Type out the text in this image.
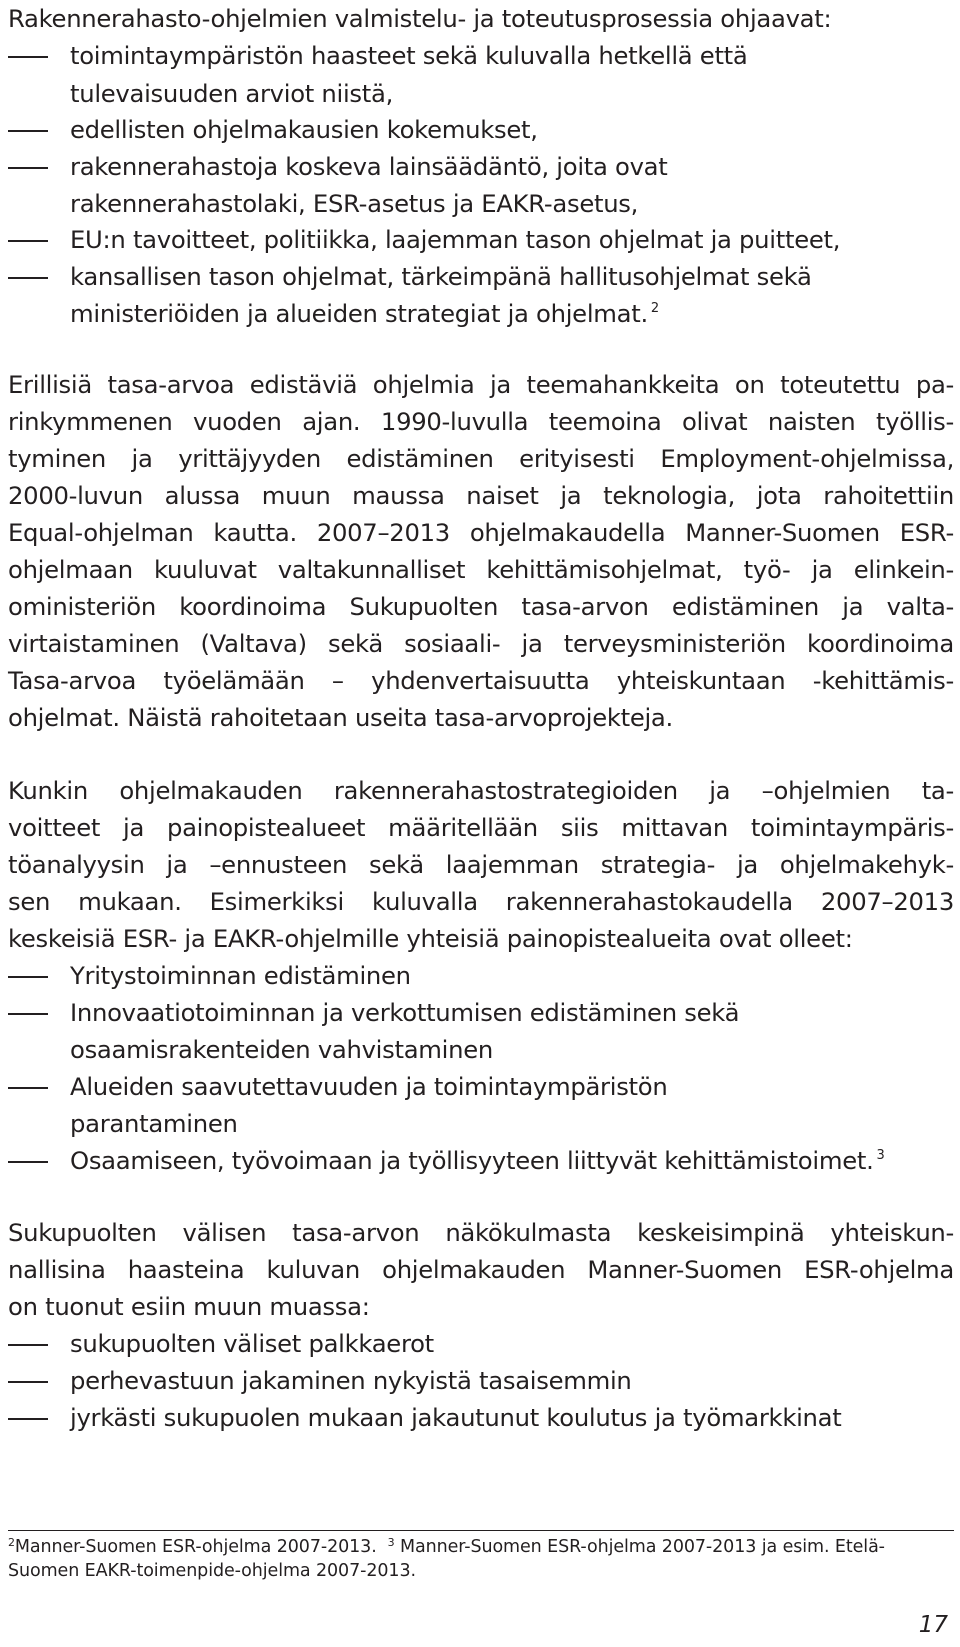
Rakennerahasto-ohjelmien valmistelu- ja toteutusprosessia ohjaavat:

toimintaympäristön haasteet sekä kuluvalla hetkellä että

tulevaisuuden arviot niistä,

edellisten ohjelmakausien kokemukset,

rakennerahastoja koskeva lainsäädäntö, joita ovat

rakennerahastolaki, ESR-asetus ja EAKR-asetus,

EU:n tavoitteet, politiikka, laajemman tason ohjelmat ja puitteet,

kansallisen tason ohjelmat, tärkeimpänä hallitusohjelmat sekä

ministeriöiden ja alueiden strategiat ja ohjelmat. $^2$

Erillisiä tasa-arvoa edistäviä ohjelmia ja teemahankkeita on toteutettu pa-

rinkymmenen vuoden ajan. 1990-luvulla teemoina olivat naisten työllis-

tyminen ja yrittäjyyden edistäminen erityisesti Employment-ohjelmissa,

2000-luvun alussa muun maussa naiset ja teknologia, jota rahoitettiin

Equal-ohjelman kautta. 2007–2013 ohjelmakaudella Manner-Suomen ESR-

ohjelmaan kuuluvat valtakunnalliset kehittämisohjelmat, työ- ja elinkein-

oministeriön koordinoima Sukupuolten tasa-arvon edistäminen ja valta-

virtaistaminen (Valtava) sekä sosiaali- ja terveysministeriön koordinoima

Tasa-arvoa työelämään – yhdenvertaisuutta yhteiskuntaan -kehittämis-

ohjelmat. Näistä rahoitetaan useita tasa-arvoprojekteja.

Kunkin ohjelmakauden rakennerahastostrategioiden ja –ohjelmien ta-

voitteet ja painopistealueet määritellään siis mittavan toimintaympäris-

töanalyysin ja –ennusteen sekä laajemman strategia- ja ohjelmakehyk-

sen mukaan. Esimerkiksi kuluvalla rakennerahastokaudella 2007–2013

keskeisiä ESR- ja EAKR-ohjelmille yhteisiä painopistealueita ovat olleet:

Yritystoiminnan edistäminen

Innovaatiotoiminnan ja verkottumisen edistäminen sekä

osaamisrakenteiden vahvistaminen

Alueiden saavutettavuuden ja toimintaympäristön

parantaminen

Osaamiseen, työvoimaan ja työllisyyteen liittyvät kehittämistoimet. $^3$

Sukupuolten välisen tasa-arvon näkökulmasta keskeisimpinä yhteiskun-

nallisina haasteina kuluvan ohjelmakauden Manner-Suomen ESR-ohjelma

on tuonut esiin muun muassa:

sukupuolten väliset palkkaerot

perhevastuun jakaminen nykyistä tasaisemmin

jyrkästi sukupuolen mukaan jakautunut koulutus ja työmarkkinat

$^2$Manner-Suomen ESR-ohjelma 2007-2013. $^3$ Manner-Suomen ESR-ohjelma 2007-2013 ja esim. Etelä-
Suomen EAKR-toimenpide-ohjelma 2007-2013.
17
